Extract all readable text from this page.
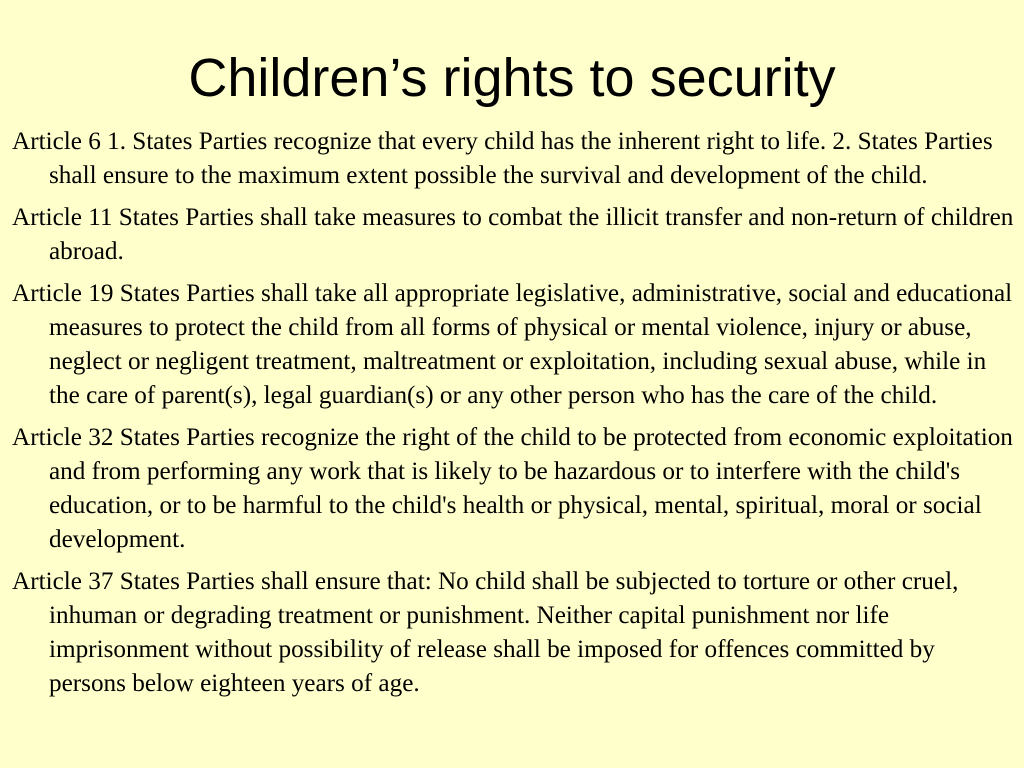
Children’s rights to security

Article 6 1. States Parties recognize that every child has the inherent right to life. 2. States Parties shall ensure to the maximum extent possible the survival and development of the child.

Article 11 States Parties shall take measures to combat the illicit transfer and non-return of children abroad.

Article 19 States Parties shall take all appropriate legislative, administrative, social and educational measures to protect the child from all forms of physical or mental violence, injury or abuse, neglect or negligent treatment, maltreatment or exploitation, including sexual abuse, while in the care of parent(s), legal guardian(s) or any other person who has the care of the child.

Article 32 States Parties recognize the right of the child to be protected from economic exploitation and from performing any work that is likely to be hazardous or to interfere with the child's education, or to be harmful to the child's health or physical, mental, spiritual, moral or social development.

Article 37 States Parties shall ensure that: No child shall be subjected to torture or other cruel, inhuman or degrading treatment or punishment. Neither capital punishment nor life imprisonment without possibility of release shall be imposed for offences committed by persons below eighteen years of age.
